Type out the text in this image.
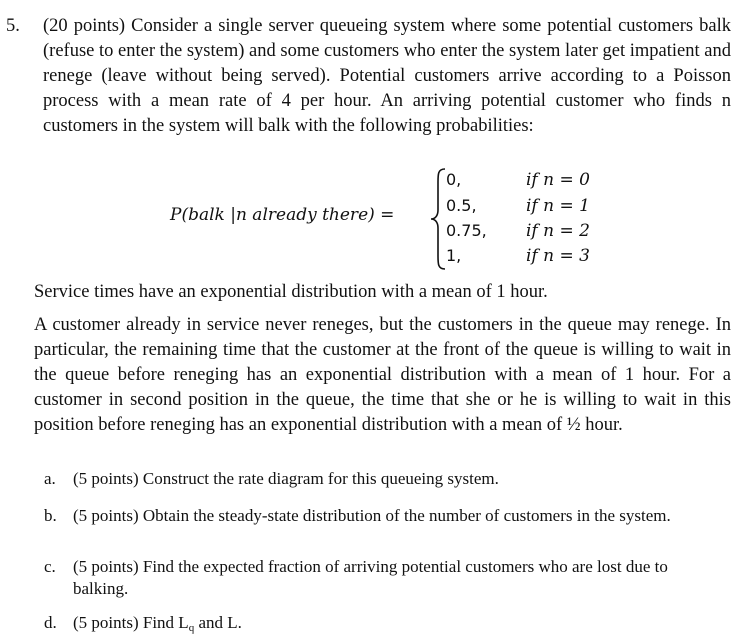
5. (20 points) Consider a single server queueing system where some potential customers balk (refuse to enter the system) and some customers who enter the system later get impatient and renege (leave without being served). Potential customers arrive according to a Poisson process with a mean rate of 4 per hour. An arriving potential customer who finds n customers in the system will balk with the following probabilities:
P(balk |n already there) =
0,
0.5,
0.75,
1,
if n = 0
if n = 1
if n = 2
if n = 3
Service times have an exponential distribution with a mean of 1 hour.
A customer already in service never reneges, but the customers in the queue may renege. In particular, the remaining time that the customer at the front of the queue is willing to wait in the queue before reneging has an exponential distribution with a mean of 1 hour. For a customer in second position in the queue, the time that she or he is willing to wait in this position before reneging has an exponential distribution with a mean of ½ hour.
a. (5 points) Construct the rate diagram for this queueing system.
b. (5 points) Obtain the steady-state distribution of the number of customers in the system.
c. (5 points) Find the expected fraction of arriving potential customers who are lost due to balking.
d. (5 points) Find $L_q$ and L.
